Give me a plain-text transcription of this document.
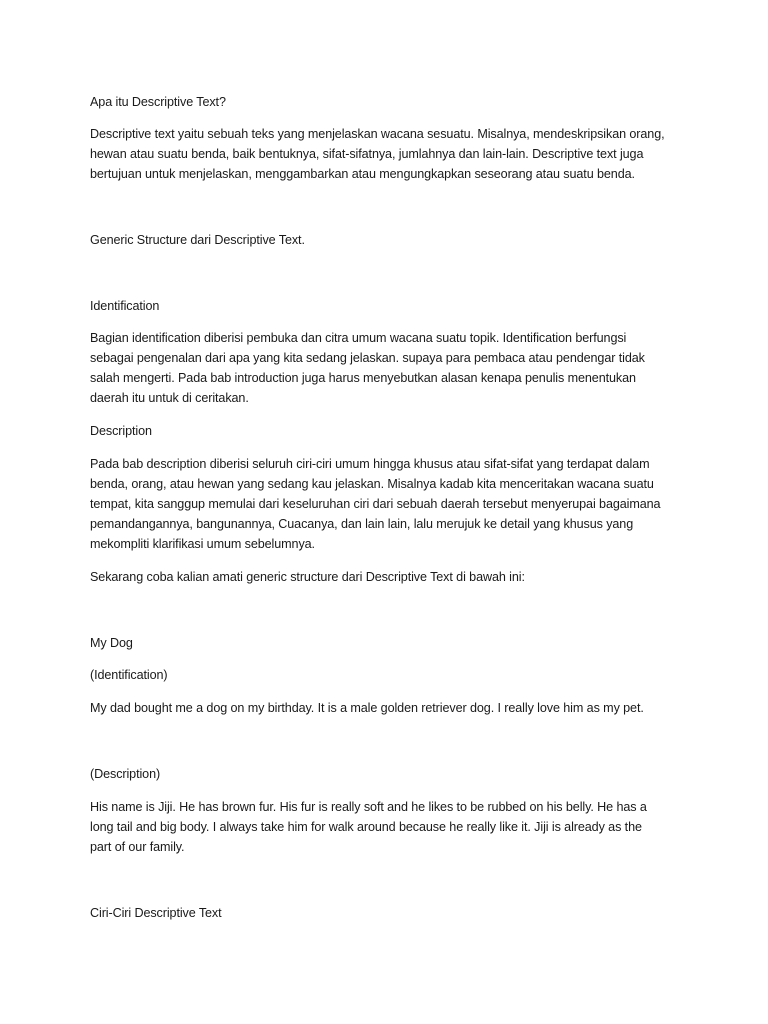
Apa itu Descriptive Text?

Descriptive text yaitu sebuah teks yang menjelaskan wacana sesuatu. Misalnya, mendeskripsikan orang,

hewan atau suatu benda, baik bentuknya, sifat-sifatnya, jumlahnya dan lain-lain. Descriptive text juga

bertujuan untuk menjelaskan, menggambarkan atau mengungkapkan seseorang atau suatu benda.

Generic Structure dari Descriptive Text.

Identification

Bagian identification diberisi pembuka dan citra umum wacana suatu topik. Identification berfungsi

sebagai pengenalan dari apa yang kita sedang jelaskan. supaya para pembaca atau pendengar tidak

salah mengerti. Pada bab introduction juga harus menyebutkan alasan kenapa penulis menentukan

daerah itu untuk di ceritakan.

Description

Pada bab description diberisi seluruh ciri-ciri umum hingga khusus atau sifat-sifat yang terdapat dalam

benda, orang, atau hewan yang sedang kau jelaskan. Misalnya kadab kita menceritakan wacana suatu

tempat, kita sanggup memulai dari keseluruhan ciri dari sebuah daerah tersebut menyerupai bagaimana

pemandangannya, bangunannya, Cuacanya, dan lain lain, lalu merujuk ke detail yang khusus yang

mekompliti klarifikasi umum sebelumnya.

Sekarang coba kalian amati generic structure dari Descriptive Text di bawah ini:

My Dog

(Identification)

My dad bought me a dog on my birthday. It is a male golden retriever dog. I really love him as my pet.

(Description)

His name is Jiji. He has brown fur. His fur is really soft and he likes to be rubbed on his belly. He has a

long tail and big body. I always take him for walk around because he really like it. Jiji is already as the

part of our family.

Ciri-Ciri Descriptive Text
